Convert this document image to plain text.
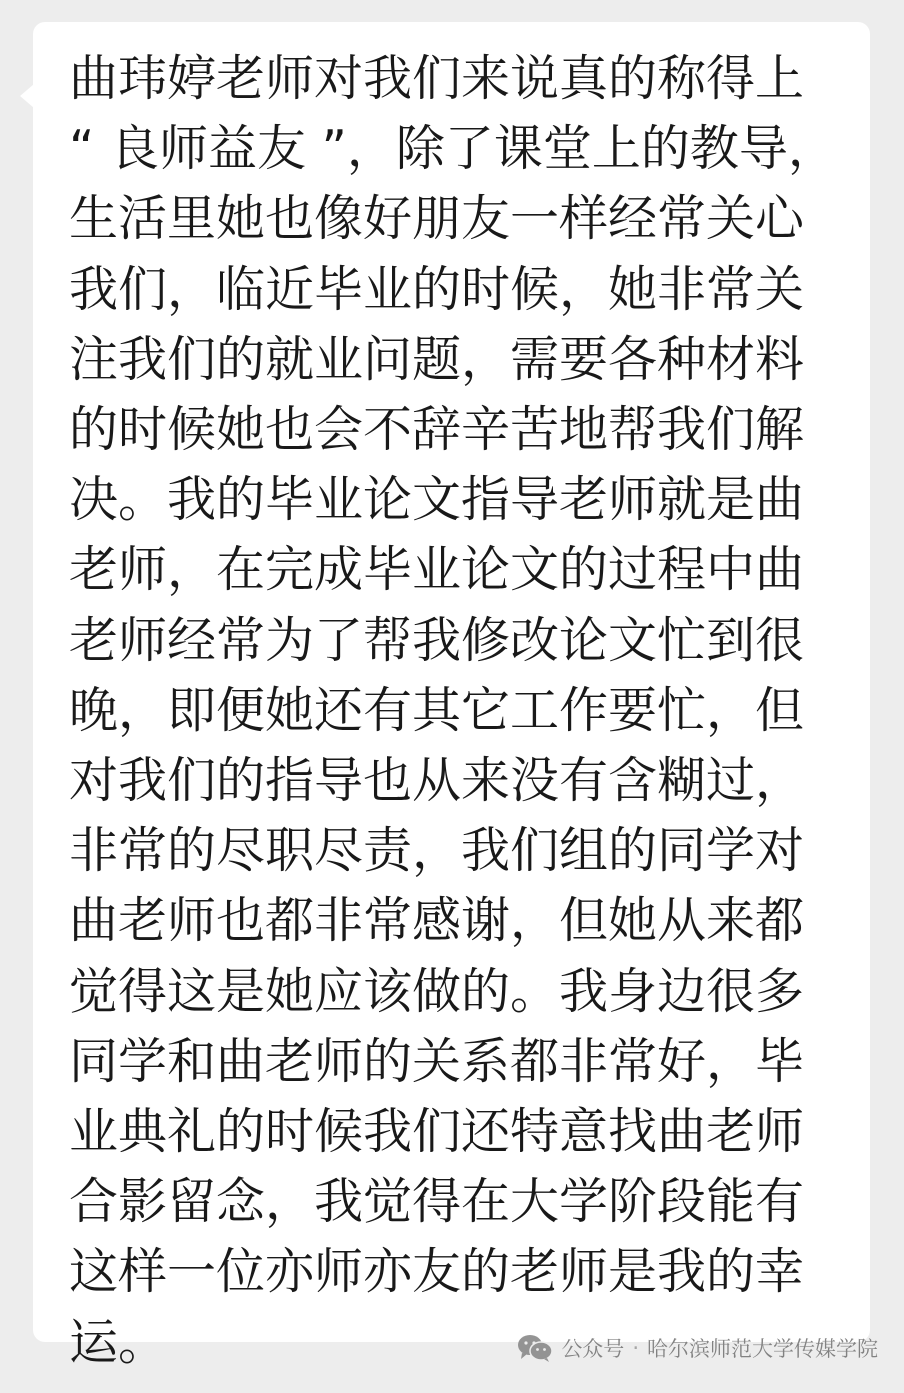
曲玮婷老师对我们来说真的称得上
“ 良师益友 ”，除了课堂上的教导，
生活里她也像好朋友一样经常关心
我们，临近毕业的时候，她非常关
注我们的就业问题，需要各种材料
的时候她也会不辞辛苦地帮我们解
决。我的毕业论文指导老师就是曲
老师，在完成毕业论文的过程中曲
老师经常为了帮我修改论文忙到很
晚，即便她还有其它工作要忙，但
对我们的指导也从来没有含糊过，
非常的尽职尽责，我们组的同学对
曲老师也都非常感谢，但她从来都
觉得这是她应该做的。我身边很多
同学和曲老师的关系都非常好，毕
业典礼的时候我们还特意找曲老师
合影留念，我觉得在大学阶段能有
这样一位亦师亦友的老师是我的幸
运。	公众号 · 哈尔滨师范大学传媒学院
